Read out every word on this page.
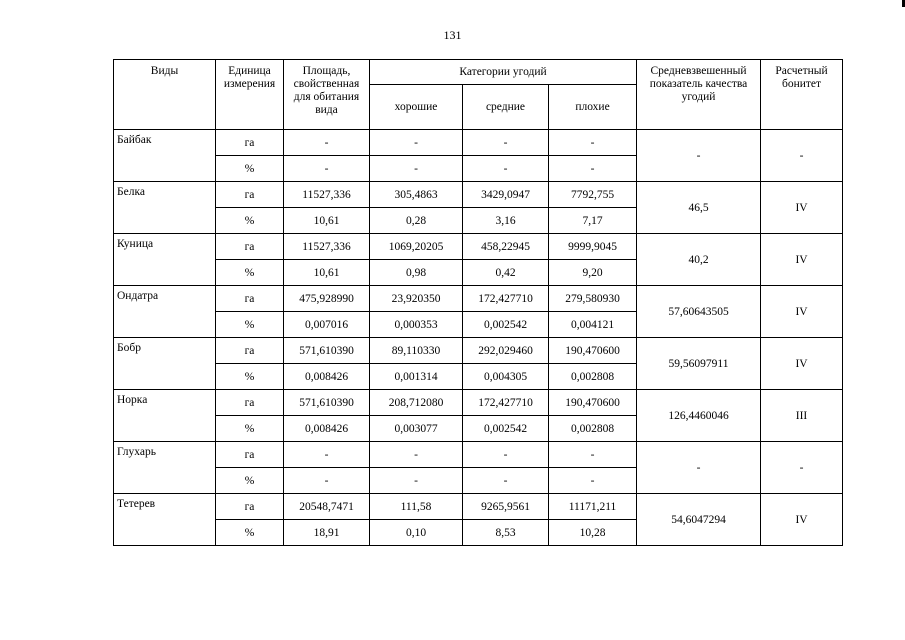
131
Виды	Единица измерения	Площадь, свойственная для обитания вида	Категории угодий			Средневзвешенный показатель качества угодий	Расчетный бонитет
			хорошие	средние	плохие		
Байбак	га	-	-	-	-	-	-
	%	-	-	-	-		
Белка	га	11527,336	305,4863	3429,0947	7792,755	46,5	IV
	%	10,61	0,28	3,16	7,17		
Куница	га	11527,336	1069,20205	458,22945	9999,9045	40,2	IV
	%	10,61	0,98	0,42	9,20		
Ондатра	га	475,928990	23,920350	172,427710	279,580930	57,60643505	IV
	%	0,007016	0,000353	0,002542	0,004121		
Бобр	га	571,610390	89,110330	292,029460	190,470600	59,56097911	IV
	%	0,008426	0,001314	0,004305	0,002808		
Норка	га	571,610390	208,712080	172,427710	190,470600	126,4460046	III
	%	0,008426	0,003077	0,002542	0,002808		
Глухарь	га	-	-	-	-	-	-
	%	-	-	-	-		
Тетерев	га	20548,7471	111,58	9265,9561	11171,211	54,6047294	IV
	%	18,91	0,10	8,53	10,28		
